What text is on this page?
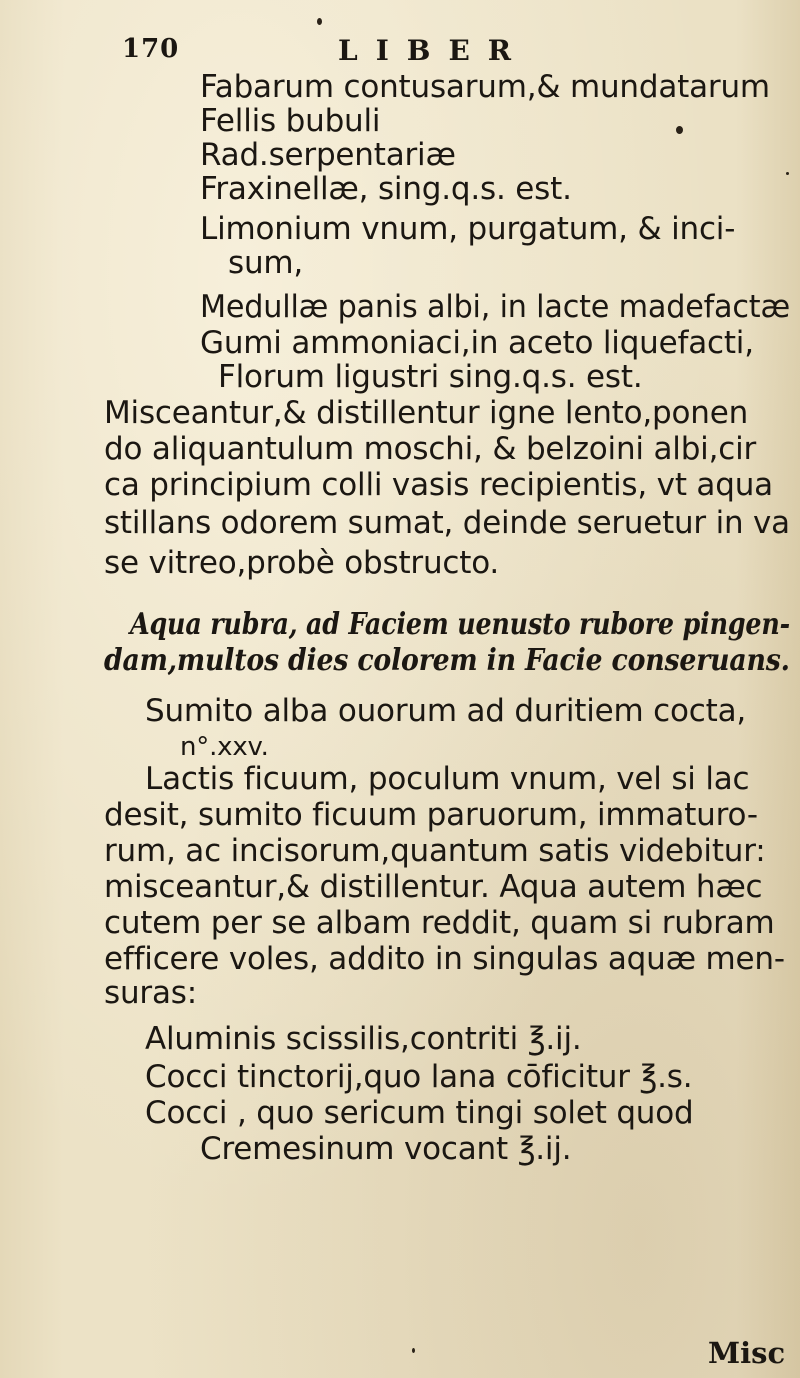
170	LIBER
Fabarum contusarum,& mundatarum
Fellis bubuli
Rad.serpentariæ
Fraxinellæ, sing.q.s. est.
Limonium vnum, purgatum, & inci-
sum,
Medullæ panis albi, in lacte madefactæ
Gumi ammoniaci,in aceto liquefacti,
Florum ligustri sing.q.s. est.
Misceantur,& distillentur igne lento,ponen
do aliquantulum moschi, & belzoini albi,cir
ca principium colli vasis recipientis, vt aqua
stillans odorem sumat, deinde seruetur in va
se vitreo,probè obstructo.
Aqua rubra, ad Faciem uenusto rubore pingen-
dam,multos dies colorem in Facie conseruans.
Sumito alba ouorum ad duritiem cocta,
n°.xxv.
Lactis ficuum, poculum vnum, vel si lac
desit, sumito ficuum paruorum, immaturo-
rum, ac incisorum,quantum satis videbitur:
misceantur,& distillentur. Aqua autem hæc
cutem per se albam reddit, quam si rubram
efficere voles, addito in singulas aquæ men-
suras:
Aluminis scissilis,contriti ℥.ij.
Cocci tinctorij,quo lana cōficitur ℥.s.
Cocci , quo sericum tingi solet quod
Cremesinum vocant ℥.ij.
Misc
